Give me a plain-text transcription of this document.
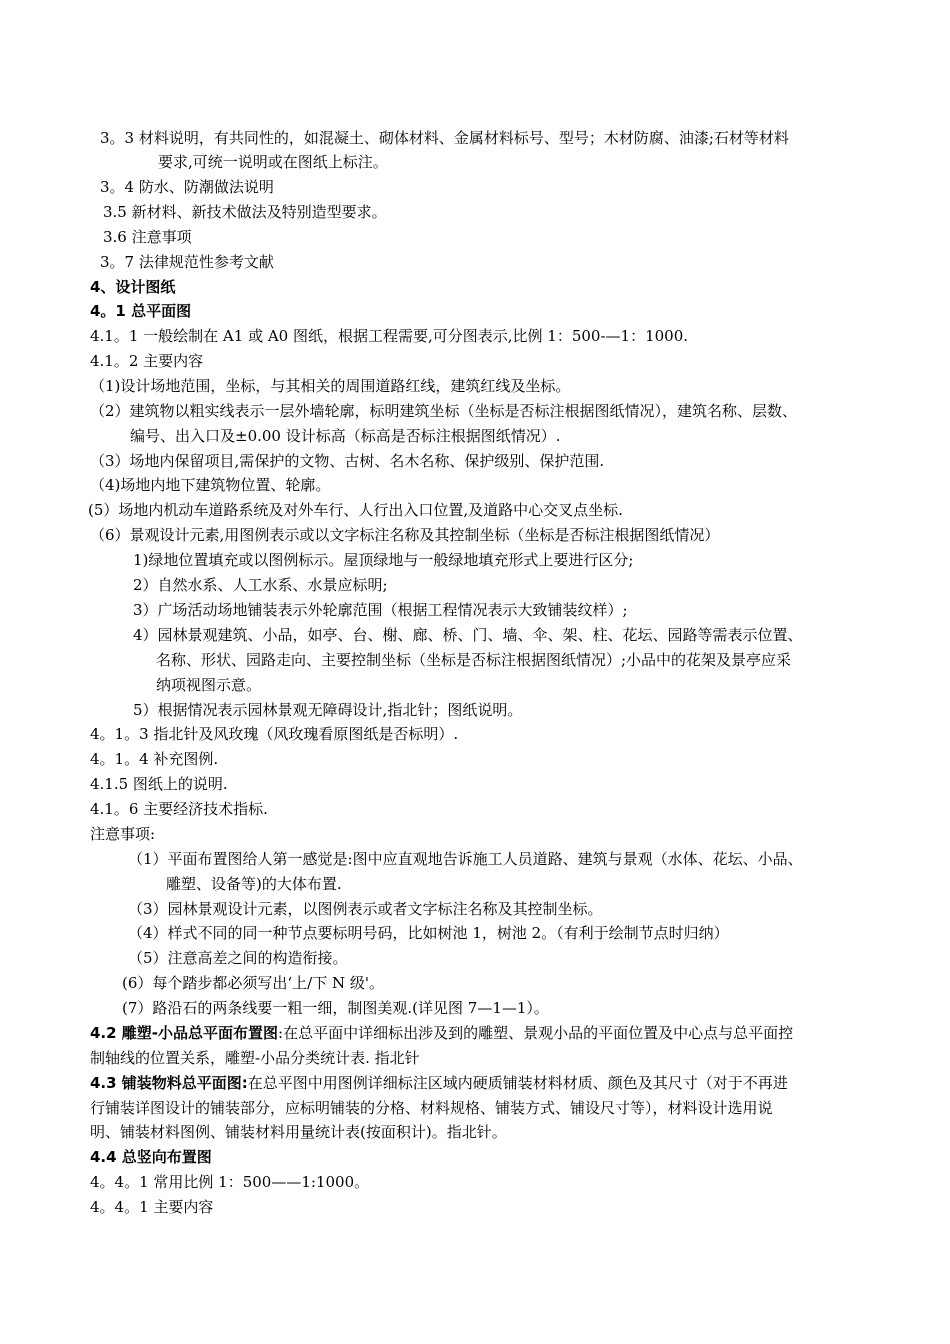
3。3 材料说明，有共同性的，如混凝土、砌体材料、金属材料标号、型号；木材防腐、油漆;石材等材料
要求,可统一说明或在图纸上标注。
3。4 防水、防潮做法说明
3.5 新材料、新技术做法及特别造型要求。
3.6 注意事项
3。7 法律规范性参考文献
4、设计图纸
4。1 总平面图
4.1。1 一般绘制在 A1 或 A0 图纸，根据工程需要,可分图表示,比例 1：500-—1：1000.
4.1。2 主要内容
（1)设计场地范围，坐标，与其相关的周围道路红线，建筑红线及坐标。
（2）建筑物以粗实线表示一层外墙轮廓，标明建筑坐标（坐标是否标注根据图纸情况），建筑名称、层数、
编号、出入口及±0.00 设计标高（标高是否标注根据图纸情况）.
（3）场地内保留项目,需保护的文物、古树、名木名称、保护级别、保护范围.
（4)场地内地下建筑物位置、轮廓。
(5）场地内机动车道路系统及对外车行、人行出入口位置,及道路中心交叉点坐标.
（6）景观设计元素,用图例表示或以文字标注名称及其控制坐标（坐标是否标注根据图纸情况）
1)绿地位置填充或以图例标示。屋顶绿地与一般绿地填充形式上要进行区分;
2）自然水系、人工水系、水景应标明;
3）广场活动场地铺装表示外轮廓范围（根据工程情况表示大致铺装纹样）;
4）园林景观建筑、小品，如亭、台、榭、廊、桥、门、墙、伞、架、柱、花坛、园路等需表示位置、
名称、形状、园路走向、主要控制坐标（坐标是否标注根据图纸情况）;小品中的花架及景亭应采
纳项视图示意。
5）根据情况表示园林景观无障碍设计,指北针；图纸说明。
4。1。3 指北针及风玫瑰（风玫瑰看原图纸是否标明）.
4。1。4 补充图例.
4.1.5 图纸上的说明.
4.1。6 主要经济技术指标.
注意事项:
（1）平面布置图给人第一感觉是:图中应直观地告诉施工人员道路、建筑与景观（水体、花坛、小品、
雕塑、设备等)的大体布置.
（3）园林景观设计元素，以图例表示或者文字标注名称及其控制坐标。
（4）样式不同的同一种节点要标明号码，比如树池 1，树池 2。（有利于绘制节点时归纳）
（5）注意高差之间的构造衔接。
(6）每个踏步都必须写出‘上/下 N 级'。
(7）路沿石的两条线要一粗一细，制图美观.(详见图 7—1—1）。
4.2 雕塑-小品总平面布置图:在总平面中详细标出涉及到的雕塑、景观小品的平面位置及中心点与总平面控
制轴线的位置关系，雕塑-小品分类统计表. 指北针
4.3 铺装物料总平面图:在总平图中用图例详细标注区域内硬质铺装材料材质、颜色及其尺寸（对于不再进
行铺装详图设计的铺装部分，应标明铺装的分格、材料规格、铺装方式、铺设尺寸等），材料设计选用说
明、铺装材料图例、铺装材料用量统计表(按面积计)。指北针。
4.4 总竖向布置图
4。4。1 常用比例 1：500——1:1000。
4。4。1 主要内容
